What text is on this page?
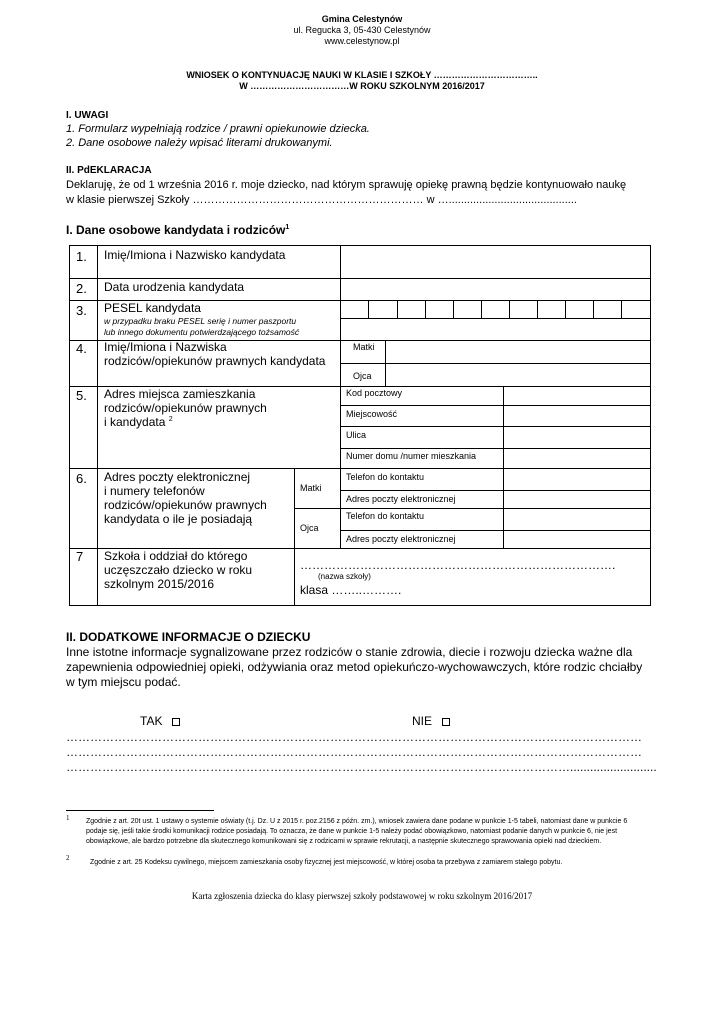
Gmina Celestynów
ul. Regucka 3, 05-430 Celestynów
www.celestynow.pl
WNIOSEK O KONTYNUACJĘ NAUKI W KLASIE I SZKOŁY ……………………………..
W ……………………………W ROKU SZKOLNYM 2016/2017
I. UWAGI
1. Formularz wypełniają rodzice / prawni opiekunowie dziecka.
2. Dane osobowe należy wpisać literami drukowanymi.
II. PdEKLARACJA
Deklaruję, że od 1 września 2016 r. moje dziecko, nad którym sprawuję opiekę prawną będzie kontynuowało naukę
w klasie pierwszej Szkoły ……………………………………………………… w …..........................................
I. Dane osobowe kandydata i rodziców$^1$
1. Imię/Imiona i Nazwisko kandydata
2. Data urodzenia kandydata
3. PESEL kandydata
w przypadku braku PESEL serię i numer paszportu
lub innego dokumentu potwierdzającego tożsamość
4. Imię/Imiona i Nazwiska
rodziców/opiekunów prawnych kandydata
Matki
Ojca
5. Adres miejsca zamieszkania
rodziców/opiekunów prawnych
i kandydata $^2$
Kod pocztowy
Miejscowość
Ulica
Numer domu /numer mieszkania
6. Adres poczty elektronicznej
i numery telefonów
rodziców/opiekunów prawnych
kandydata o ile je posiadają
Matki
Ojca
Telefon do kontaktu
Adres poczty elektronicznej
Telefon do kontaktu
Adres poczty elektronicznej
7 Szkoła i oddział do którego
uczęszczało dziecko w roku
szkolnym 2015/2016
…………………………………………………………………….
(nazwa szkoły)
klasa ……..……….
II. DODATKOWE INFORMACJE O DZIECKU
Inne istotne informacje sygnalizowane przez rodziców o stanie zdrowia, diecie i rozwoju dziecka ważne dla
zapewnienia odpowiedniej opieki, odżywiania oraz metod opiekuńczo-wychowawczych, które rodzic chciałby
w tym miejscu podać.
TAK	NIE
………………………………………………………………………………………………………………………………
………………………………………………………………………………………………………………………………
………………………………………………………………………………………………………………..........................
1 Zgodnie z art. 20t ust. 1 ustawy o systemie oświaty (t.j. Dz. U z 2015 r. poz.2156 z późn. zm.), wniosek zawiera dane podane w punkcie 1-5 tabeli, natomiast dane w punkcie 6
podaje się, jeśli takie środki komunikacji rodzice posiadają. To oznacza, że dane w punkcie 1-5 należy podać obowiązkowo, natomiast podanie danych w punkcie 6, nie jest
obowiązkowe, ale bardzo potrzebne dla skutecznego komunikowani się z rodzicami w sprawie rekrutacji, a następnie skutecznego sprawowania opieki nad dzieckiem.
2
Zgodnie z art. 25 Kodeksu cywilnego, miejscem zamieszkania osoby fizycznej jest miejscowość, w której osoba ta przebywa z zamiarem stałego pobytu.
Karta zgłoszenia dziecka do klasy pierwszej szkoły podstawowej w roku szkolnym 2016/2017
